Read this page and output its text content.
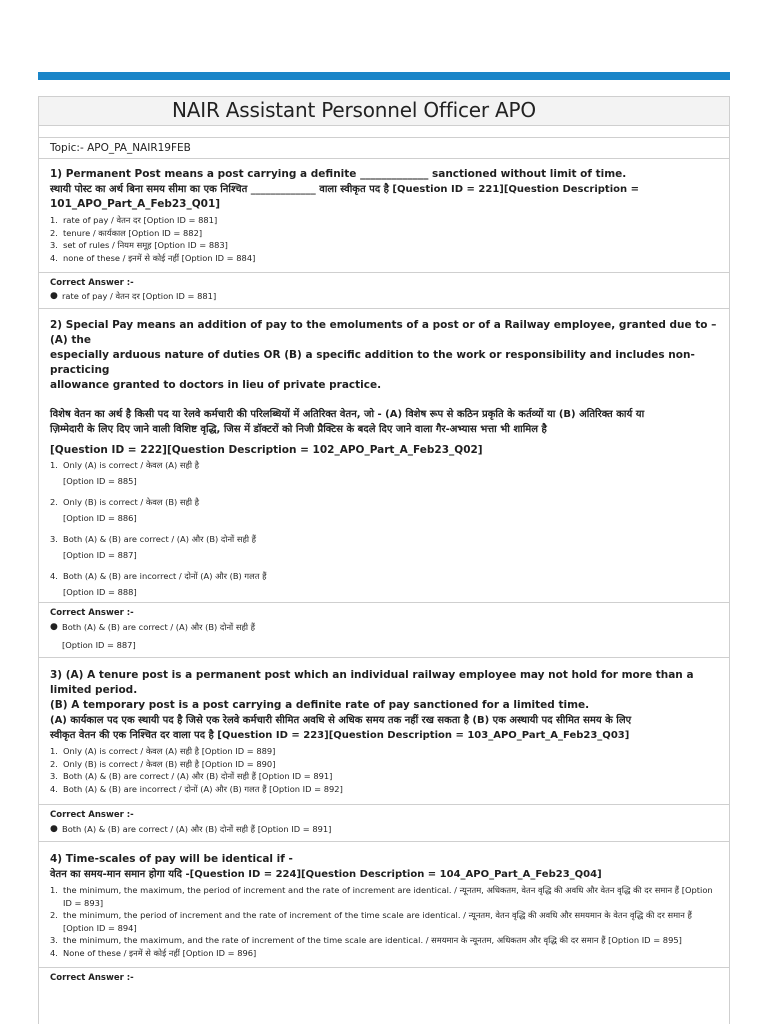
NAIR Assistant Personnel Officer APO
Topic:- APO_PA_NAIR19FEB
1) Permanent Post means a post carrying a definite _____________ sanctioned without limit of time.
स्थायी पोस्ट का अर्थ बिना समय सीमा का एक निश्चित _____________ वाला स्वीकृत पद है [Question ID = 221][Question Description =
101_APO_Part_A_Feb23_Q01]
1. rate of pay / वेतन दर [Option ID = 881]
2. tenure / कार्यकाल [Option ID = 882]
3. set of rules / नियम समूह [Option ID = 883]
4. none of these / इनमें से कोई नहीं [Option ID = 884]
Correct Answer :-
● rate of pay / वेतन दर [Option ID = 881]
2) Special Pay means an addition of pay to the emoluments of a post or of a Railway employee, granted due to – (A) the
especially arduous nature of duties OR (B) a specific addition to the work or responsibility and includes non-practicing
allowance granted to doctors in lieu of private practice.
विशेष वेतन का अर्थ है किसी पद या रेलवे कर्मचारी की परिलब्धियों में अतिरिक्त वेतन, जो - (A) विशेष रूप से कठिन प्रकृति के कर्तव्यों या (B) अतिरिक्त कार्य या
ज़िम्मेदारी के लिए दिए जाने वाली विशिष्ट वृद्धि, जिस में डॉक्टरों को निजी प्रैक्टिस के बदले दिए जाने वाला गैर-अभ्यास भत्ता भी शामिल है
[Question ID = 222][Question Description = 102_APO_Part_A_Feb23_Q02]
1. Only (A) is correct / केवल (A) सही है
[Option ID = 885]
2. Only (B) is correct / केवल (B) सही है
[Option ID = 886]
3. Both (A) & (B) are correct / (A) और (B) दोनों सही हैं
[Option ID = 887]
4. Both (A) & (B) are incorrect / दोनों (A) और (B) गलत हैं
[Option ID = 888]
Correct Answer :-
● Both (A) & (B) are correct / (A) और (B) दोनों सही हैं
[Option ID = 887]
3) (A) A tenure post is a permanent post which an individual railway employee may not hold for more than a limited period.
(B) A temporary post is a post carrying a definite rate of pay sanctioned for a limited time.
(A) कार्यकाल पद एक स्थायी पद है जिसे एक रेलवे कर्मचारी सीमित अवधि से अधिक समय तक नहीं रख सकता है (B) एक अस्थायी पद सीमित समय के लिए
स्वीकृत वेतन की एक निश्चित दर वाला पद है [Question ID = 223][Question Description = 103_APO_Part_A_Feb23_Q03]
1. Only (A) is correct / केवल (A) सही है [Option ID = 889]
2. Only (B) is correct / केवल (B) सही है [Option ID = 890]
3. Both (A) & (B) are correct / (A) और (B) दोनों सही हैं [Option ID = 891]
4. Both (A) & (B) are incorrect / दोनों (A) और (B) गलत हैं [Option ID = 892]
Correct Answer :-
● Both (A) & (B) are correct / (A) और (B) दोनों सही हैं [Option ID = 891]
4) Time-scales of pay will be identical if -
वेतन का समय-मान समान होगा यदि -[Question ID = 224][Question Description = 104_APO_Part_A_Feb23_Q04]
1. the minimum, the maximum, the period of increment and the rate of increment are identical. / न्यूनतम, अधिकतम, वेतन वृद्धि की अवधि और वेतन वृद्धि की दर समान हैं [Option ID = 893]
2. the minimum, the period of increment and the rate of increment of the time scale are identical. / न्यूनतम, वेतन वृद्धि की अवधि और समयमान के वेतन वृद्धि की दर समान हैं [Option ID = 894]
3. the minimum, the maximum, and the rate of increment of the time scale are identical. / समयमान के न्यूनतम, अधिकतम और वृद्धि की दर समान हैं [Option ID = 895]
4. None of these / इनमें से कोई नहीं [Option ID = 896]
Correct Answer :-
